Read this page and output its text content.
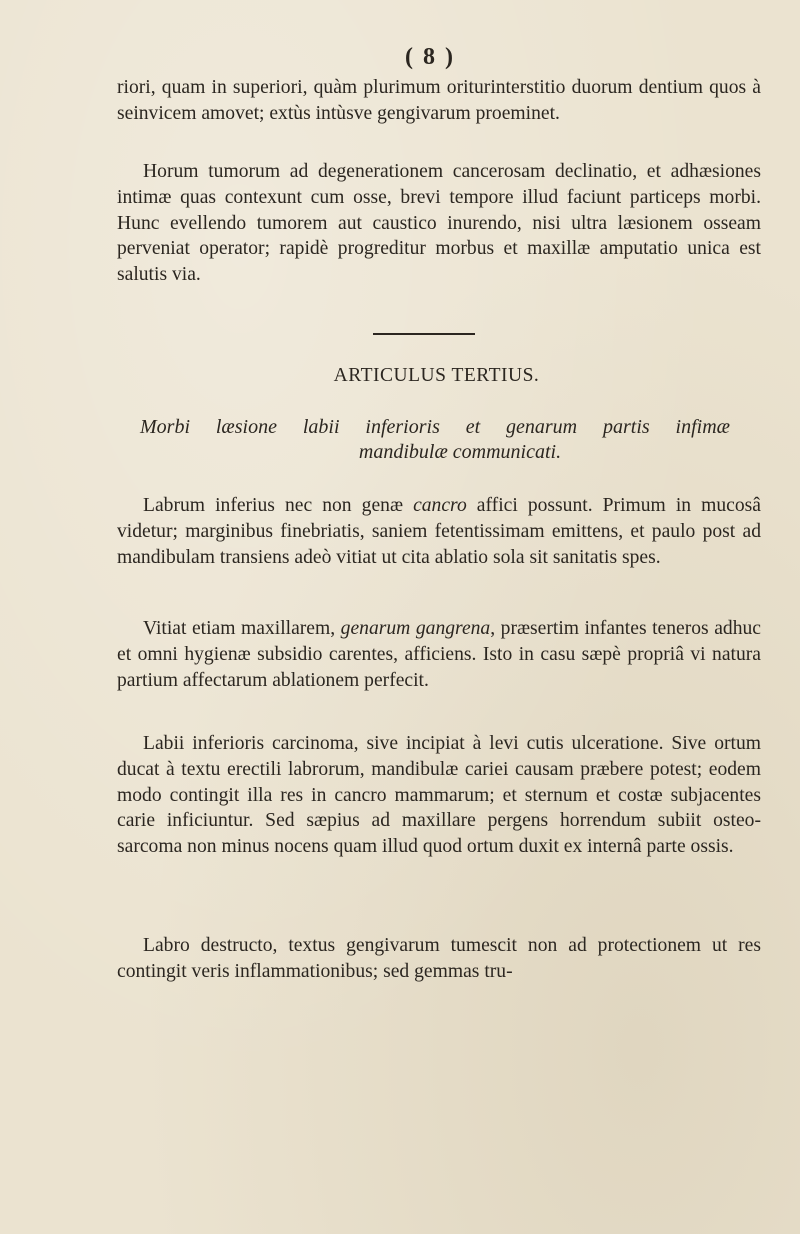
( 8 )

riori, quam in superiori, quàm plurimum oriturinterstitio duorum dentium quos à seinvicem amovet; extùs intùsve gengivarum proeminet.

Horum tumorum ad degenerationem cancerosam declinatio, et adhæsiones intimæ quas contexunt cum osse, brevi tempore illud faciunt particeps morbi. Hunc evellendo tumorem aut caustico inurendo, nisi ultra læsionem osseam perveniat operator; rapidè progreditur morbus et maxillæ amputatio unica est salutis via.

ARTICULUS TERTIUS.

Morbi læsione labii inferioris et genarum partis infimæ
mandibulæ communicati.

Labrum inferius nec non genæ cancro affici possunt. Primum in mucosâ videtur; marginibus finebriatis, saniem fetentissimam emittens, et paulo post ad mandibulam transiens adeò vitiat ut cita ablatio sola sit sanitatis spes.

Vitiat etiam maxillarem, genarum gangrena, præsertim infantes teneros adhuc et omni hygienæ subsidio carentes, afficiens. Isto in casu sæpè propriâ vi natura partium affectarum ablationem perfecit.

Labii inferioris carcinoma, sive incipiat à levi cutis ulceratione. Sive ortum ducat à textu erectili labrorum, mandibulæ cariei causam præbere potest; eodem modo contingit illa res in cancro mammarum; et sternum et costæ subjacentes carie inficiuntur. Sed sæpius ad maxillare pergens horrendum subiit osteo-sarcoma non minus nocens quam illud quod ortum duxit ex internâ parte ossis.

Labro destructo, textus gengivarum tumescit non ad protectionem ut res contingit veris inflammationibus; sed gemmas tru-
